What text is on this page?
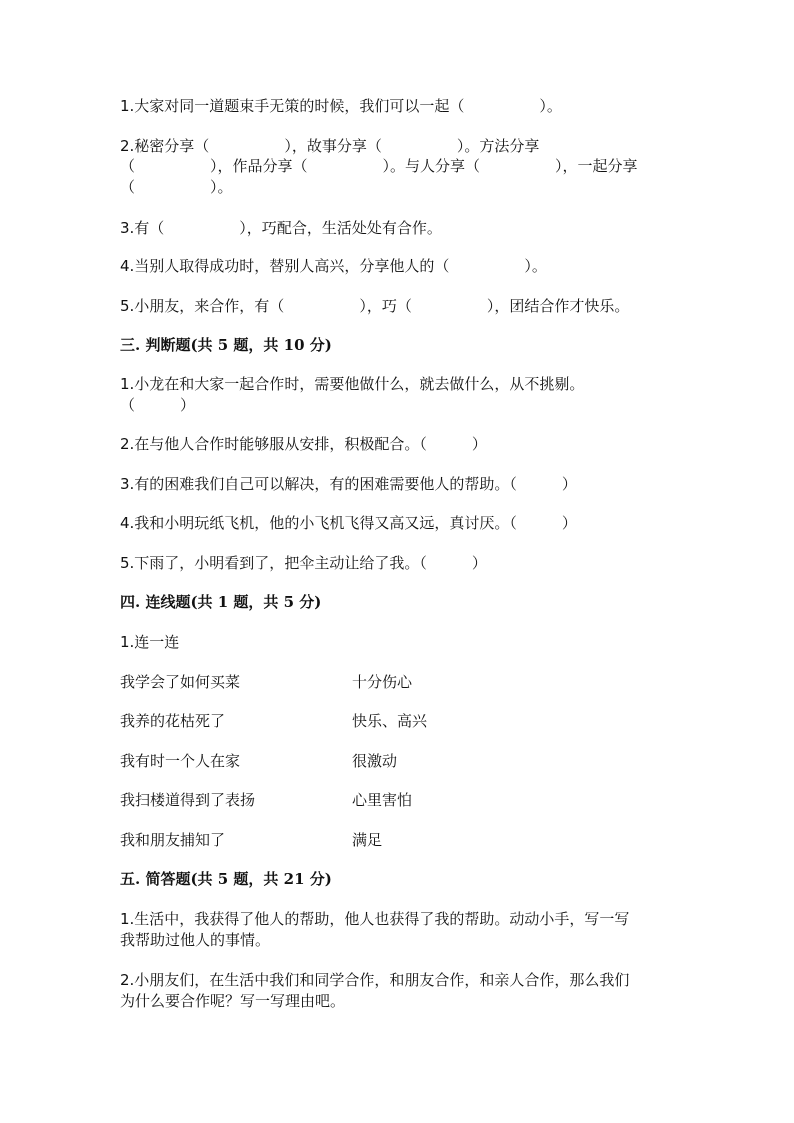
1.大家对同一道题束手无策的时候，我们可以一起（　　　　　）。
2.秘密分享（　　　　　），故事分享（　　　　　）。方法分享
（　　　　　），作品分享（　　　　　）。与人分享（　　　　　），一起分享
（　　　　　）。
3.有（　　　　　），巧配合，生活处处有合作。
4.当别人取得成功时，替别人高兴，分享他人的（　　　　　）。
5.小朋友，来合作，有（　　　　　），巧（　　　　　），团结合作才快乐。
三. 判断题(共 5 题，共 10 分)
1.小龙在和大家一起合作时，需要他做什么，就去做什么，从不挑剔。
（　　　）
2.在与他人合作时能够服从安排，积极配合。（　　　）
3.有的困难我们自己可以解决，有的困难需要他人的帮助。（　　　）
4.我和小明玩纸飞机，他的小飞机飞得又高又远，真讨厌。（　　　）
5.下雨了，小明看到了，把伞主动让给了我。（　　　）
四. 连线题(共 1 题，共 5 分)
1.连一连
我学会了如何买菜	十分伤心
我养的花枯死了	快乐、高兴
我有时一个人在家	很激动
我扫楼道得到了表扬	心里害怕
我和朋友捕知了	满足
五. 简答题(共 5 题，共 21 分)
1.生活中，我获得了他人的帮助，他人也获得了我的帮助。动动小手，写一写
我帮助过他人的事情。
2.小朋友们，在生活中我们和同学合作，和朋友合作，和亲人合作，那么我们
为什么要合作呢？写一写理由吧。
